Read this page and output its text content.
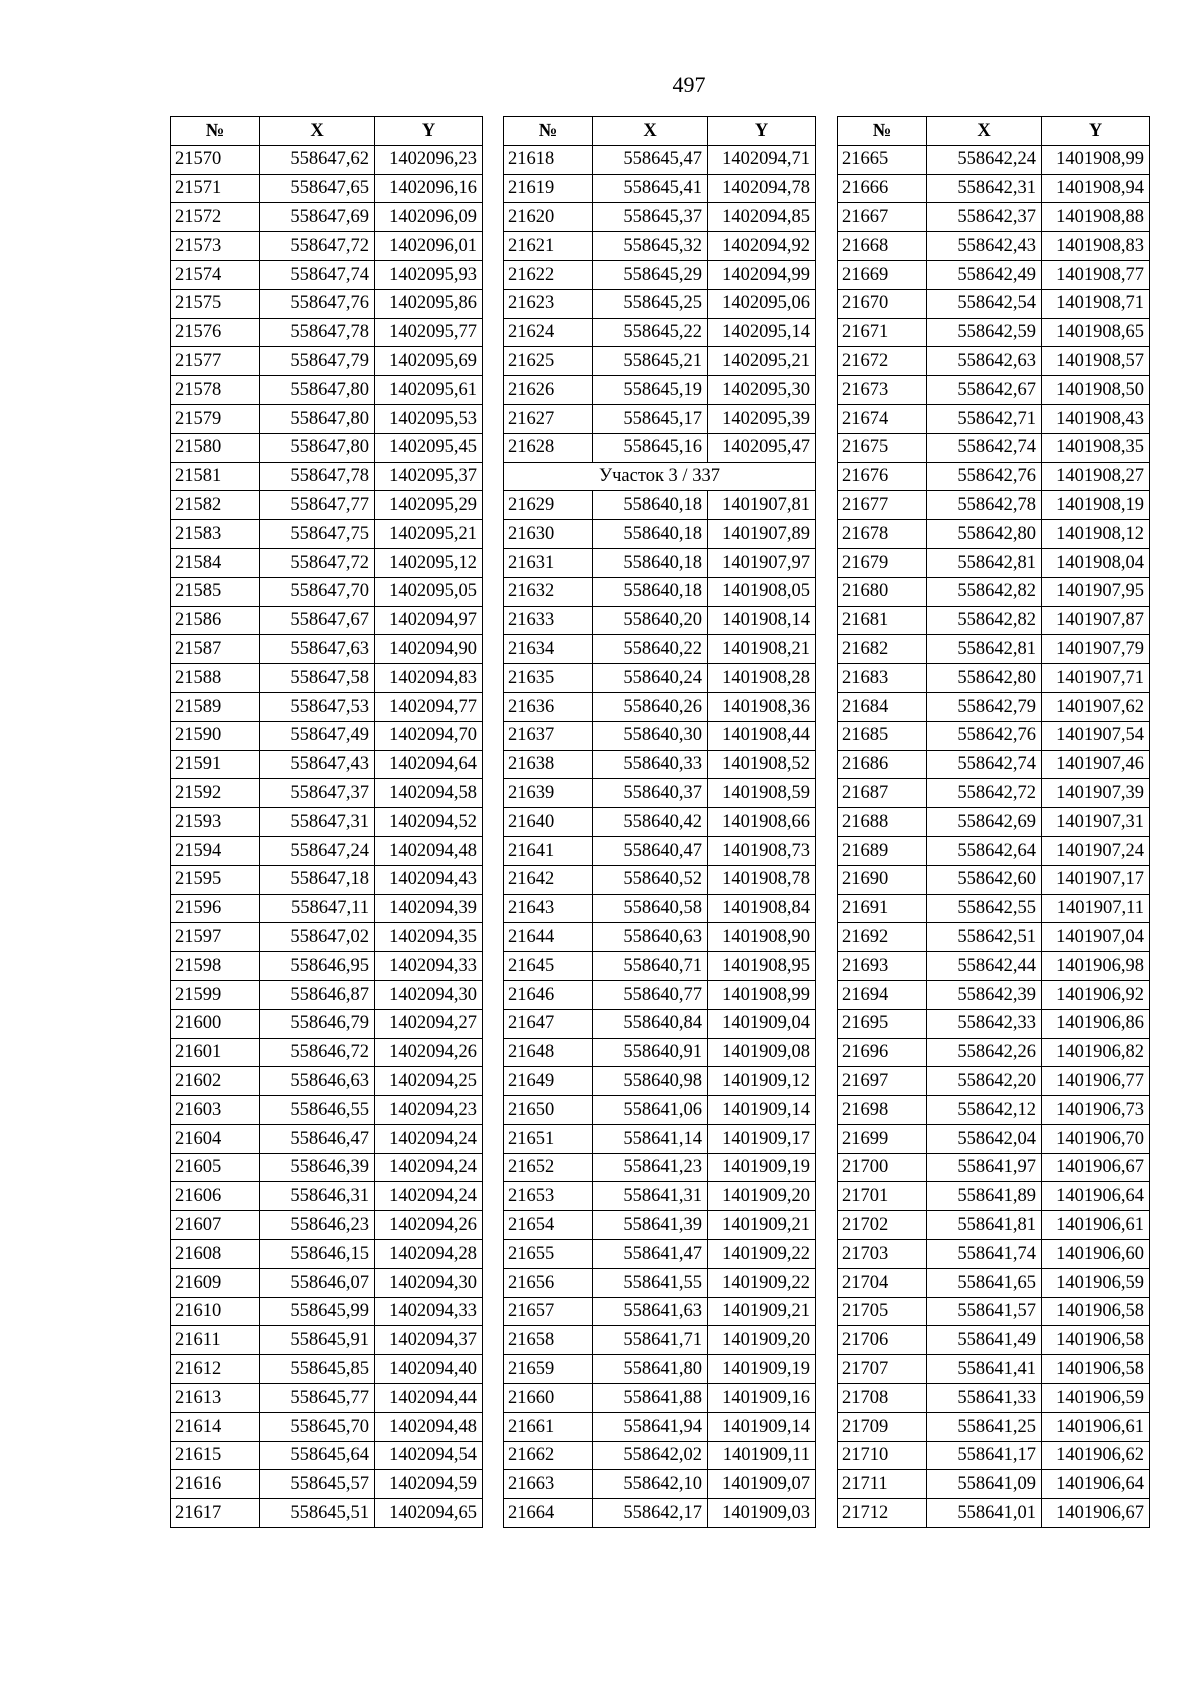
497
№	X	Y
21570	558647,62	1402096,23
21571	558647,65	1402096,16
21572	558647,69	1402096,09
21573	558647,72	1402096,01
21574	558647,74	1402095,93
21575	558647,76	1402095,86
21576	558647,78	1402095,77
21577	558647,79	1402095,69
21578	558647,80	1402095,61
21579	558647,80	1402095,53
21580	558647,80	1402095,45
21581	558647,78	1402095,37
21582	558647,77	1402095,29
21583	558647,75	1402095,21
21584	558647,72	1402095,12
21585	558647,70	1402095,05
21586	558647,67	1402094,97
21587	558647,63	1402094,90
21588	558647,58	1402094,83
21589	558647,53	1402094,77
21590	558647,49	1402094,70
21591	558647,43	1402094,64
21592	558647,37	1402094,58
21593	558647,31	1402094,52
21594	558647,24	1402094,48
21595	558647,18	1402094,43
21596	558647,11	1402094,39
21597	558647,02	1402094,35
21598	558646,95	1402094,33
21599	558646,87	1402094,30
21600	558646,79	1402094,27
21601	558646,72	1402094,26
21602	558646,63	1402094,25
21603	558646,55	1402094,23
21604	558646,47	1402094,24
21605	558646,39	1402094,24
21606	558646,31	1402094,24
21607	558646,23	1402094,26
21608	558646,15	1402094,28
21609	558646,07	1402094,30
21610	558645,99	1402094,33
21611	558645,91	1402094,37
21612	558645,85	1402094,40
21613	558645,77	1402094,44
21614	558645,70	1402094,48
21615	558645,64	1402094,54
21616	558645,57	1402094,59
21617	558645,51	1402094,65
№	X	Y
21618	558645,47	1402094,71
21619	558645,41	1402094,78
21620	558645,37	1402094,85
21621	558645,32	1402094,92
21622	558645,29	1402094,99
21623	558645,25	1402095,06
21624	558645,22	1402095,14
21625	558645,21	1402095,21
21626	558645,19	1402095,30
21627	558645,17	1402095,39
21628	558645,16	1402095,47
Участок 3 / 337		
21629	558640,18	1401907,81
21630	558640,18	1401907,89
21631	558640,18	1401907,97
21632	558640,18	1401908,05
21633	558640,20	1401908,14
21634	558640,22	1401908,21
21635	558640,24	1401908,28
21636	558640,26	1401908,36
21637	558640,30	1401908,44
21638	558640,33	1401908,52
21639	558640,37	1401908,59
21640	558640,42	1401908,66
21641	558640,47	1401908,73
21642	558640,52	1401908,78
21643	558640,58	1401908,84
21644	558640,63	1401908,90
21645	558640,71	1401908,95
21646	558640,77	1401908,99
21647	558640,84	1401909,04
21648	558640,91	1401909,08
21649	558640,98	1401909,12
21650	558641,06	1401909,14
21651	558641,14	1401909,17
21652	558641,23	1401909,19
21653	558641,31	1401909,20
21654	558641,39	1401909,21
21655	558641,47	1401909,22
21656	558641,55	1401909,22
21657	558641,63	1401909,21
21658	558641,71	1401909,20
21659	558641,80	1401909,19
21660	558641,88	1401909,16
21661	558641,94	1401909,14
21662	558642,02	1401909,11
21663	558642,10	1401909,07
21664	558642,17	1401909,03
№	X	Y
21665	558642,24	1401908,99
21666	558642,31	1401908,94
21667	558642,37	1401908,88
21668	558642,43	1401908,83
21669	558642,49	1401908,77
21670	558642,54	1401908,71
21671	558642,59	1401908,65
21672	558642,63	1401908,57
21673	558642,67	1401908,50
21674	558642,71	1401908,43
21675	558642,74	1401908,35
21676	558642,76	1401908,27
21677	558642,78	1401908,19
21678	558642,80	1401908,12
21679	558642,81	1401908,04
21680	558642,82	1401907,95
21681	558642,82	1401907,87
21682	558642,81	1401907,79
21683	558642,80	1401907,71
21684	558642,79	1401907,62
21685	558642,76	1401907,54
21686	558642,74	1401907,46
21687	558642,72	1401907,39
21688	558642,69	1401907,31
21689	558642,64	1401907,24
21690	558642,60	1401907,17
21691	558642,55	1401907,11
21692	558642,51	1401907,04
21693	558642,44	1401906,98
21694	558642,39	1401906,92
21695	558642,33	1401906,86
21696	558642,26	1401906,82
21697	558642,20	1401906,77
21698	558642,12	1401906,73
21699	558642,04	1401906,70
21700	558641,97	1401906,67
21701	558641,89	1401906,64
21702	558641,81	1401906,61
21703	558641,74	1401906,60
21704	558641,65	1401906,59
21705	558641,57	1401906,58
21706	558641,49	1401906,58
21707	558641,41	1401906,58
21708	558641,33	1401906,59
21709	558641,25	1401906,61
21710	558641,17	1401906,62
21711	558641,09	1401906,64
21712	558641,01	1401906,67
